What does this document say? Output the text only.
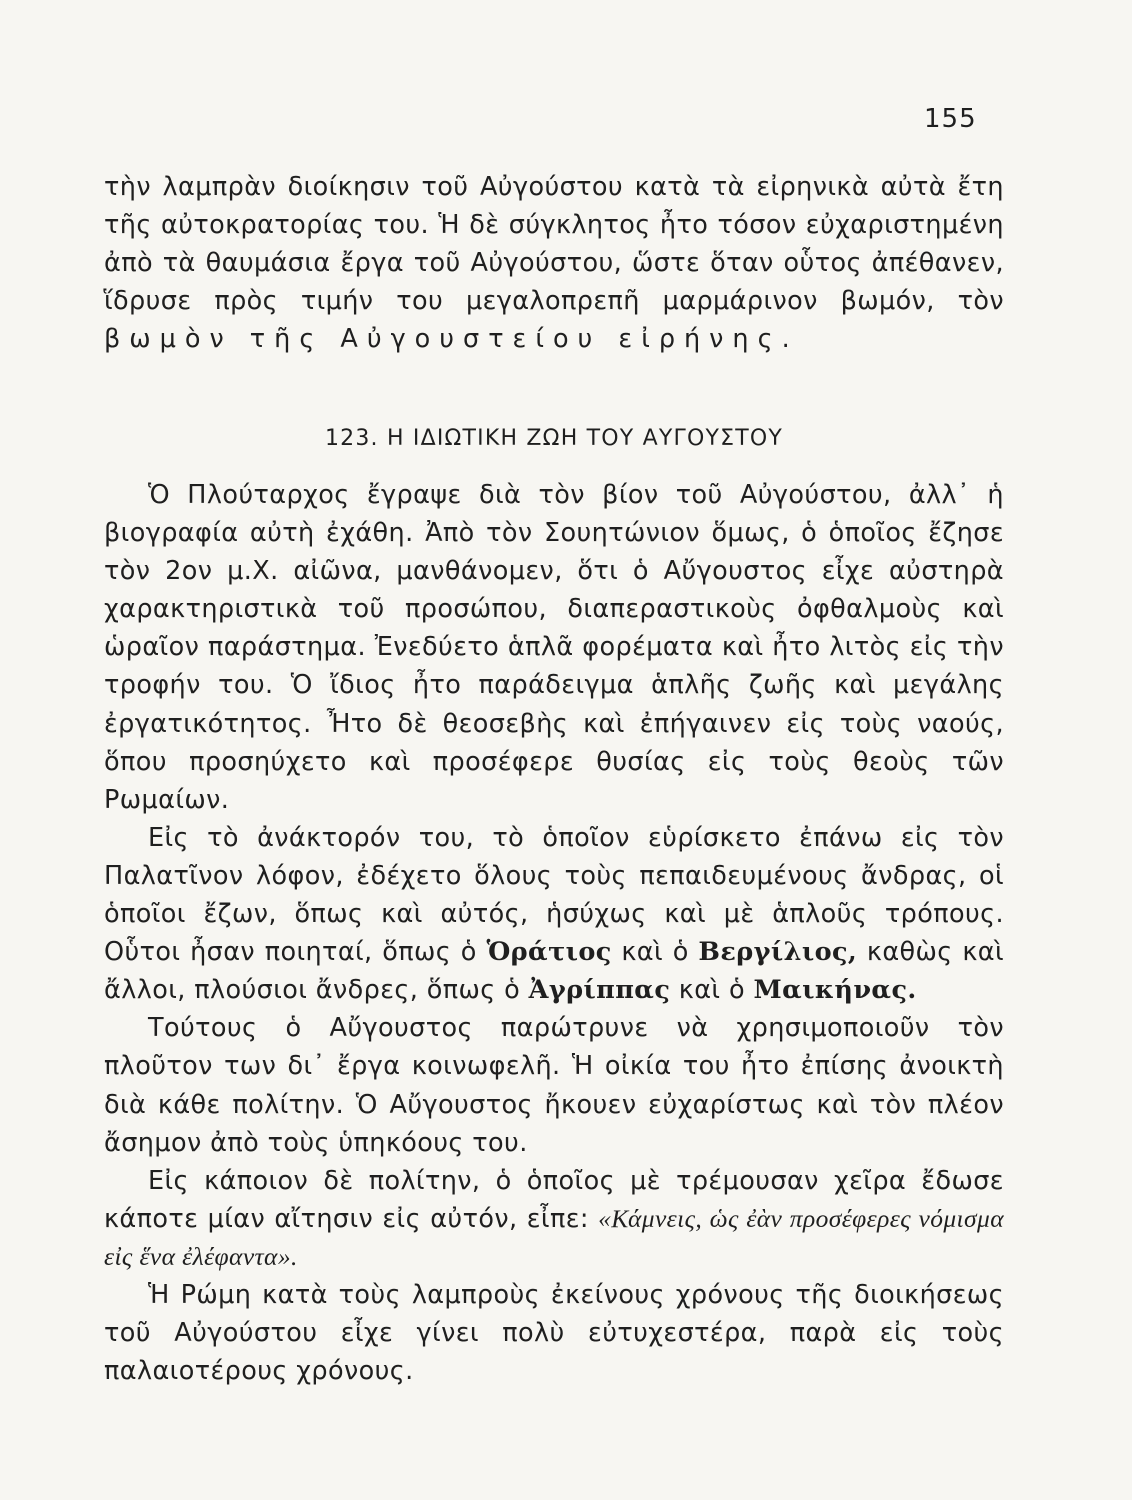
155

τὴν λαμπρὰν διοίκησιν τοῦ Αὐγούστου κατὰ τὰ εἰρηνικὰ αὐτὰ ἔτη τῆς αὐτοκρατορίας του. Ἡ δὲ σύγκλητος ἦτο τόσον εὐχαριστημένη ἀπὸ τὰ θαυμάσια ἔργα τοῦ Αὐγούστου, ὥστε ὅταν οὗτος ἀπέθανεν, ἵδρυσε πρὸς τιμήν του μεγαλοπρεπῆ μαρμάρινον βωμόν, τὸν βωμὸν τῆς Αὐγουστείου εἰρήνης.

123. Η ΙΔΙΩΤΙΚΗ ΖΩΗ ΤΟΥ ΑΥΓΟΥΣΤΟΥ

Ὁ Πλούταρχος ἔγραψε διὰ τὸν βίον τοῦ Αὐγούστου, ἀλλ᾽ ἡ βιογραφία αὐτὴ ἐχάθη. Ἀπὸ τὸν Σουητώνιον ὅμως, ὁ ὁποῖος ἔζησε τὸν 2ον μ.Χ. αἰῶνα, μανθάνομεν, ὅτι ὁ Αὔγουστος εἶχε αὐστηρὰ χαρακτηριστικὰ τοῦ προσώπου, διαπεραστικοὺς ὀφθαλμοὺς καὶ ὡραῖον παράστημα. Ἐνεδύετο ἁπλᾶ φορέματα καὶ ἦτο λιτὸς εἰς τὴν τροφήν του. Ὁ ἴδιος ἦτο παράδειγμα ἁπλῆς ζωῆς καὶ μεγάλης ἐργατικότητος. Ἦτο δὲ θεοσεβὴς καὶ ἐπήγαινεν εἰς τοὺς ναούς, ὅπου προσηύχετο καὶ προσέφερε θυσίας εἰς τοὺς θεοὺς τῶν Ρωμαίων.

Εἰς τὸ ἀνάκτορόν του, τὸ ὁποῖον εὑρίσκετο ἐπάνω εἰς τὸν Παλατῖνον λόφον, ἐδέχετο ὅλους τοὺς πεπαιδευμένους ἄνδρας, οἱ ὁποῖοι ἔζων, ὅπως καὶ αὐτός, ἡσύχως καὶ μὲ ἁπλοῦς τρόπους. Οὗτοι ἦσαν ποιηταί, ὅπως ὁ Ὁράτιος καὶ ὁ Βεργίλιος, καθὼς καὶ ἄλλοι, πλούσιοι ἄνδρες, ὅπως ὁ Ἀγρίππας καὶ ὁ Μαικήνας.

Τούτους ὁ Αὔγουστος παρώτρυνε νὰ χρησιμοποιοῦν τὸν πλοῦτον των δι᾽ ἔργα κοινωφελῆ. Ἡ οἰκία του ἦτο ἐπίσης ἀνοικτὴ διὰ κάθε πολίτην. Ὁ Αὔγουστος ἤκουεν εὐχαρίστως καὶ τὸν πλέον ἄσημον ἀπὸ τοὺς ὑπηκόους του.

Εἰς κάποιον δὲ πολίτην, ὁ ὁποῖος μὲ τρέμουσαν χεῖρα ἔδωσε κάποτε μίαν αἴτησιν εἰς αὐτόν, εἶπε: «Κάμνεις, ὡς ἐὰν προσέφερες νόμισμα εἰς ἕνα ἐλέφαντα».

Ἡ Ρώμη κατὰ τοὺς λαμπροὺς ἐκείνους χρόνους τῆς διοικήσεως τοῦ Αὐγούστου εἶχε γίνει πολὺ εὐτυχεστέρα, παρὰ εἰς τοὺς παλαιοτέρους χρόνους.
